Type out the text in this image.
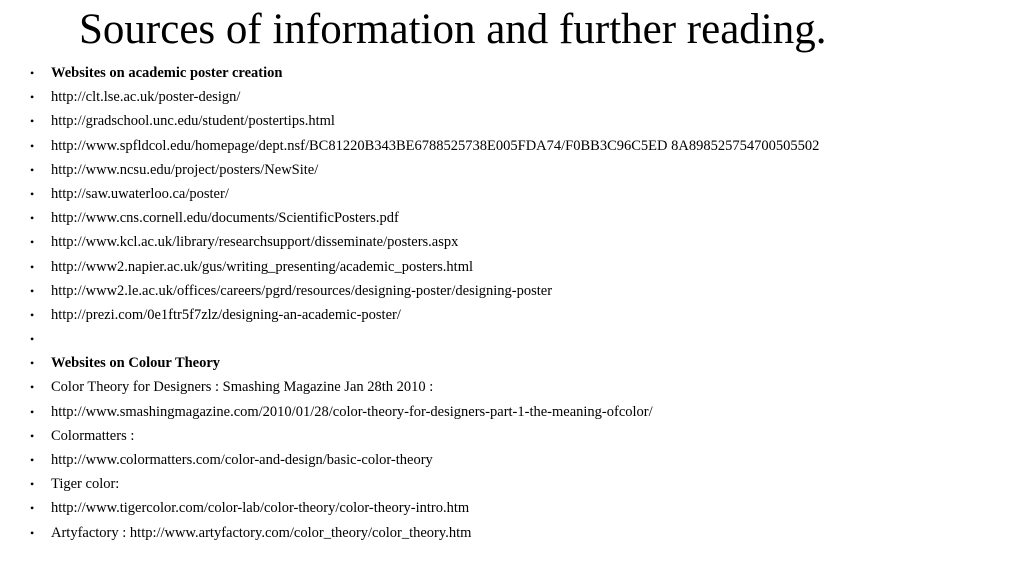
Sources of information and further reading.
• Websites on academic poster creation
• http://clt.lse.ac.uk/poster-design/
• http://gradschool.unc.edu/student/postertips.html
• http://www.spfldcol.edu/homepage/dept.nsf/BC81220B343BE6788525738E005FDA74/F0BB3C96C5ED 8A898525754700505502
• http://www.ncsu.edu/project/posters/NewSite/
• http://saw.uwaterloo.ca/poster/
• http://www.cns.cornell.edu/documents/ScientificPosters.pdf
• http://www.kcl.ac.uk/library/researchsupport/disseminate/posters.aspx
• http://www2.napier.ac.uk/gus/writing_presenting/academic_posters.html
• http://www2.le.ac.uk/offices/careers/pgrd/resources/designing-poster/designing-poster
• http://prezi.com/0e1ftr5f7zlz/designing-an-academic-poster/
•
• Websites on Colour Theory
• Color Theory for Designers : Smashing Magazine Jan 28th 2010 :
• http://www.smashingmagazine.com/2010/01/28/color-theory-for-designers-part-1-the-meaning-ofcolor/
• Colormatters :
• http://www.colormatters.com/color-and-design/basic-color-theory
• Tiger color:
• http://www.tigercolor.com/color-lab/color-theory/color-theory-intro.htm
• Artyfactory : http://www.artyfactory.com/color_theory/color_theory.htm
